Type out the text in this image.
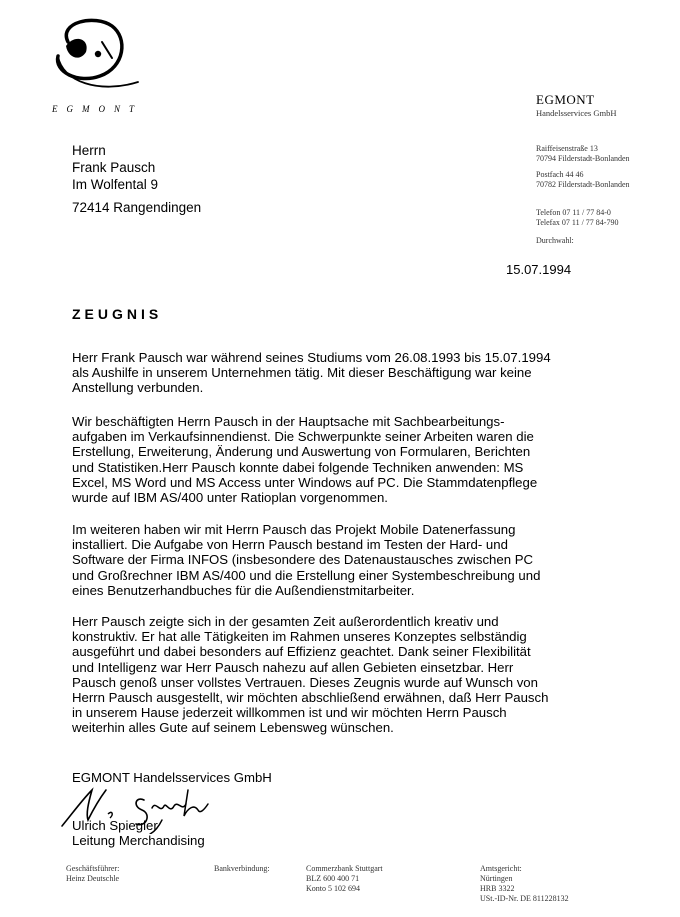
EGMONT
EGMONT
Handelsservices GmbH
Raiffeisenstraße 13
70794 Filderstadt-Bonlanden
Postfach 44 46
70782 Filderstadt-Bonlanden
Telefon 07 11 / 77 84-0
Telefax 07 11 / 77 84-790
Durchwahl:
Herrn
Frank Pausch
Im Wolfental 9
72414 Rangendingen
15.07.1994
ZEUGNIS
Herr Frank Pausch war während seines Studiums vom 26.08.1993 bis 15.07.1994
als Aushilfe in unserem Unternehmen tätig. Mit dieser Beschäftigung war keine
Anstellung verbunden.
Wir beschäftigten Herrn Pausch in der Hauptsache mit Sachbearbeitungs-
aufgaben im Verkaufsinnendienst. Die Schwerpunkte seiner Arbeiten waren die
Erstellung, Erweiterung, Änderung und Auswertung von Formularen, Berichten
und Statistiken.Herr Pausch konnte dabei folgende Techniken anwenden: MS
Excel, MS Word und MS Access unter Windows auf PC. Die Stammdatenpflege
wurde auf IBM AS/400 unter Ratioplan vorgenommen.
Im weiteren haben wir mit Herrn Pausch das Projekt Mobile Datenerfassung
installiert. Die Aufgabe von Herrn Pausch bestand im Testen der Hard- und
Software der Firma INFOS (insbesondere des Datenaustausches zwischen PC
und Großrechner IBM AS/400 und die Erstellung einer Systembeschreibung und
eines Benutzerhandbuches für die Außendienstmitarbeiter.
Herr Pausch zeigte sich in der gesamten Zeit außerordentlich kreativ und
konstruktiv. Er hat alle Tätigkeiten im Rahmen unseres Konzeptes selbständig
ausgeführt und dabei besonders auf Effizienz geachtet. Dank seiner Flexibilität
und Intelligenz war Herr Pausch nahezu auf allen Gebieten einsetzbar. Herr
Pausch genoß unser vollstes Vertrauen. Dieses Zeugnis wurde auf Wunsch von
Herrn Pausch ausgestellt, wir möchten abschließend erwähnen, daß Herr Pausch
in unserem Hause jederzeit willkommen ist und wir möchten Herrn Pausch
weiterhin alles Gute auf seinem Lebensweg wünschen.
EGMONT Handelsservices GmbH
Ulrich Spiegler
Leitung Merchandising
Geschäftsführer:
Heinz Deutschle
Bankverbindung:	Commerzbank Stuttgart
BLZ 600 400 71
Konto 5 102 694
Amtsgericht:
Nürtingen
HRB 3322
USt.-ID-Nr. DE 811228132
